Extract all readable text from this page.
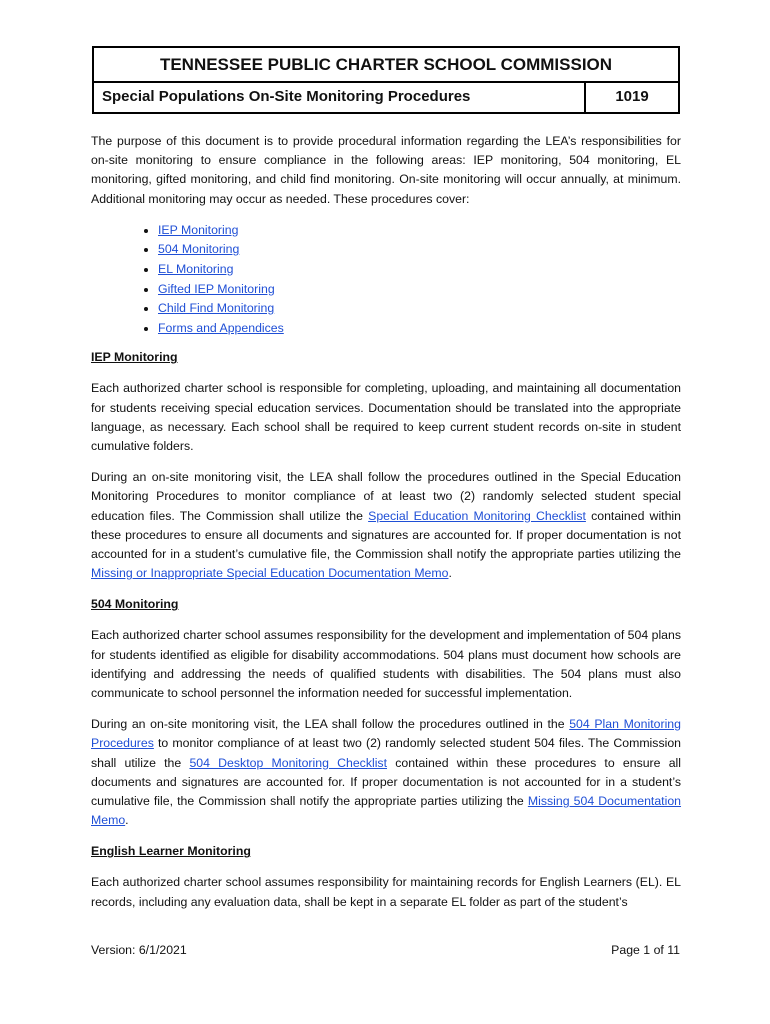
TENNESSEE PUBLIC CHARTER SCHOOL COMMISSION
Special Populations On-Site Monitoring Procedures	1019

The purpose of this document is to provide procedural information regarding the LEA’s responsibilities for on-site monitoring to ensure compliance in the following areas: IEP monitoring, 504 monitoring, EL monitoring, gifted monitoring, and child find monitoring. On-site monitoring will occur annually, at minimum. Additional monitoring may occur as needed. These procedures cover:

• IEP Monitoring
• 504 Monitoring
• EL Monitoring
• Gifted IEP Monitoring
• Child Find Monitoring
• Forms and Appendices
IEP Monitoring

Each authorized charter school is responsible for completing, uploading, and maintaining all documentation for students receiving special education services. Documentation should be translated into the appropriate language, as necessary. Each school shall be required to keep current student records on-site in student cumulative folders.

During an on-site monitoring visit, the LEA shall follow the procedures outlined in the Special Education Monitoring Procedures to monitor compliance of at least two (2) randomly selected student special education files. The Commission shall utilize the Special Education Monitoring Checklist contained within these procedures to ensure all documents and signatures are accounted for. If proper documentation is not accounted for in a student’s cumulative file, the Commission shall notify the appropriate parties utilizing the Missing or Inappropriate Special Education Documentation Memo.

504 Monitoring

Each authorized charter school assumes responsibility for the development and implementation of 504 plans for students identified as eligible for disability accommodations. 504 plans must document how schools are identifying and addressing the needs of qualified students with disabilities. The 504 plans must also communicate to school personnel the information needed for successful implementation.

During an on-site monitoring visit, the LEA shall follow the procedures outlined in the 504 Plan Monitoring Procedures to monitor compliance of at least two (2) randomly selected student 504 files. The Commission shall utilize the 504 Desktop Monitoring Checklist contained within these procedures to ensure all documents and signatures are accounted for. If proper documentation is not accounted for in a student’s cumulative file, the Commission shall notify the appropriate parties utilizing the Missing 504 Documentation Memo.

English Learner Monitoring

Each authorized charter school assumes responsibility for maintaining records for English Learners (EL). EL records, including any evaluation data, shall be kept in a separate EL folder as part of the student’s

Version: 6/1/2021	Page 1 of 11
